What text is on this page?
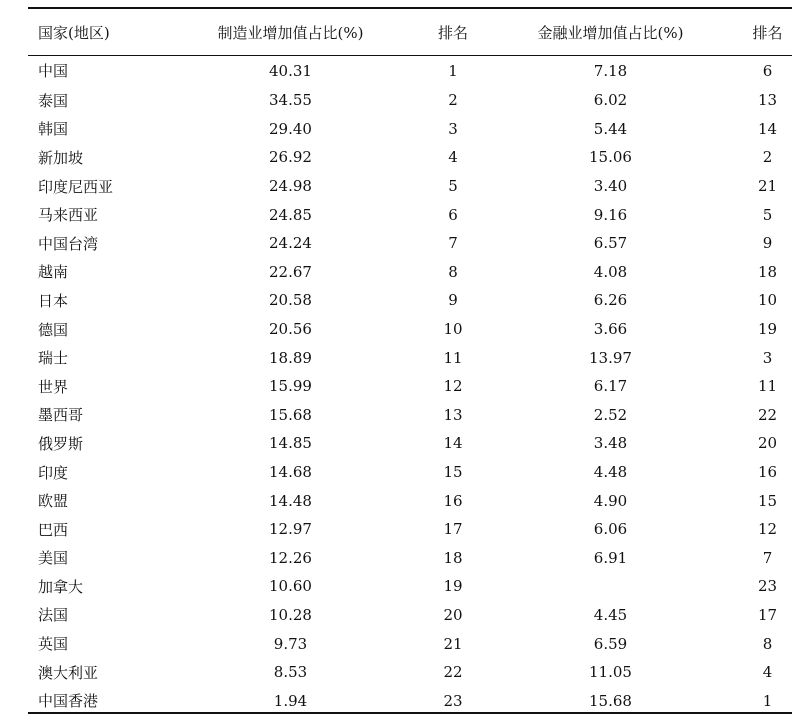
国家(地区)	制造业增加值占比(%)	排名	金融业增加值占比(%)	排名
中国	40.31	1	7.18	6
泰国	34.55	2	6.02	13
韩国	29.40	3	5.44	14
新加坡	26.92	4	15.06	2
印度尼西亚	24.98	5	3.40	21
马来西亚	24.85	6	9.16	5
中国台湾	24.24	7	6.57	9
越南	22.67	8	4.08	18
日本	20.58	9	6.26	10
德国	20.56	10	3.66	19
瑞士	18.89	11	13.97	3
世界	15.99	12	6.17	11
墨西哥	15.68	13	2.52	22
俄罗斯	14.85	14	3.48	20
印度	14.68	15	4.48	16
欧盟	14.48	16	4.90	15
巴西	12.97	17	6.06	12
美国	12.26	18	6.91	7
加拿大	10.60	19		23
法国	10.28	20	4.45	17
英国	9.73	21	6.59	8
澳大利亚	8.53	22	11.05	4
中国香港	1.94	23	15.68	1
